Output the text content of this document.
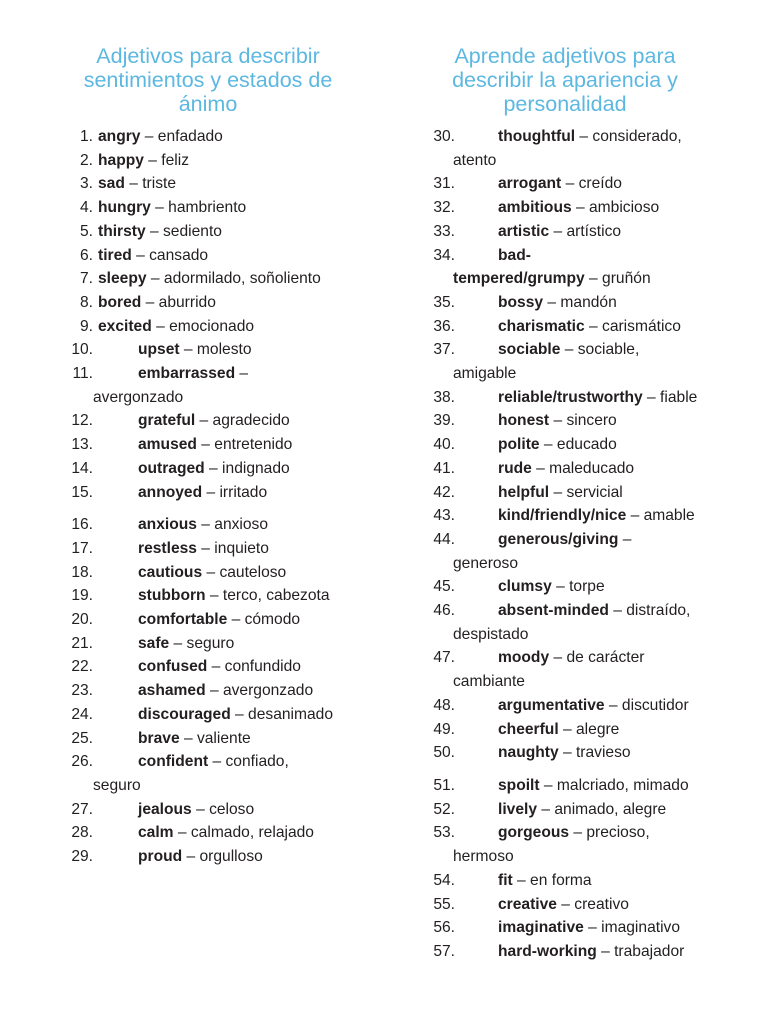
Adjetivos para describir sentimientos y estados de ánimo
1. angry – enfadado
2. happy – feliz
3. sad – triste
4. hungry – hambriento
5. thirsty – sediento
6. tired – cansado
7. sleepy – adormilado, soñoliento
8. bored – aburrido
9. excited – emocionado
10.	upset – molesto
11.	embarrassed –
avergonzado
12.	grateful – agradecido
13.	amused – entretenido
14.	outraged – indignado
15.	annoyed – irritado
16.	anxious – anxioso
17.	restless – inquieto
18.	cautious – cauteloso
19.	stubborn – terco, cabezota
20.	comfortable – cómodo
21.	safe – seguro
22.	confused – confundido
23.	ashamed – avergonzado
24.	discouraged – desanimado
25.	brave – valiente
26.	confident – confiado,
seguro
27.	jealous – celoso
28.	calm – calmado, relajado
29.	proud – orgulloso
Aprende adjetivos para describir la apariencia y personalidad
30.	thoughtful – considerado,
atento
31.	arrogant – creído
32.	ambitious – ambicioso
33.	artistic – artístico
34.	bad-
tempered/grumpy – gruñón
35.	bossy – mandón
36.	charismatic – carismático
37.	sociable – sociable,
amigable
38.	reliable/trustworthy – fiable
39.	honest – sincero
40.	polite – educado
41.	rude – maleducado
42.	helpful – servicial
43.	kind/friendly/nice – amable
44.	generous/giving –
generoso
45.	clumsy – torpe
46.	absent-minded – distraído,
despistado
47.	moody – de carácter
cambiante
48.	argumentative – discutidor
49.	cheerful – alegre
50.	naughty – travieso
51.	spoilt – malcriado, mimado
52.	lively – animado, alegre
53.	gorgeous – precioso,
hermoso
54.	fit – en forma
55.	creative – creativo
56.	imaginative – imaginativo
57.	hard-working – trabajador
